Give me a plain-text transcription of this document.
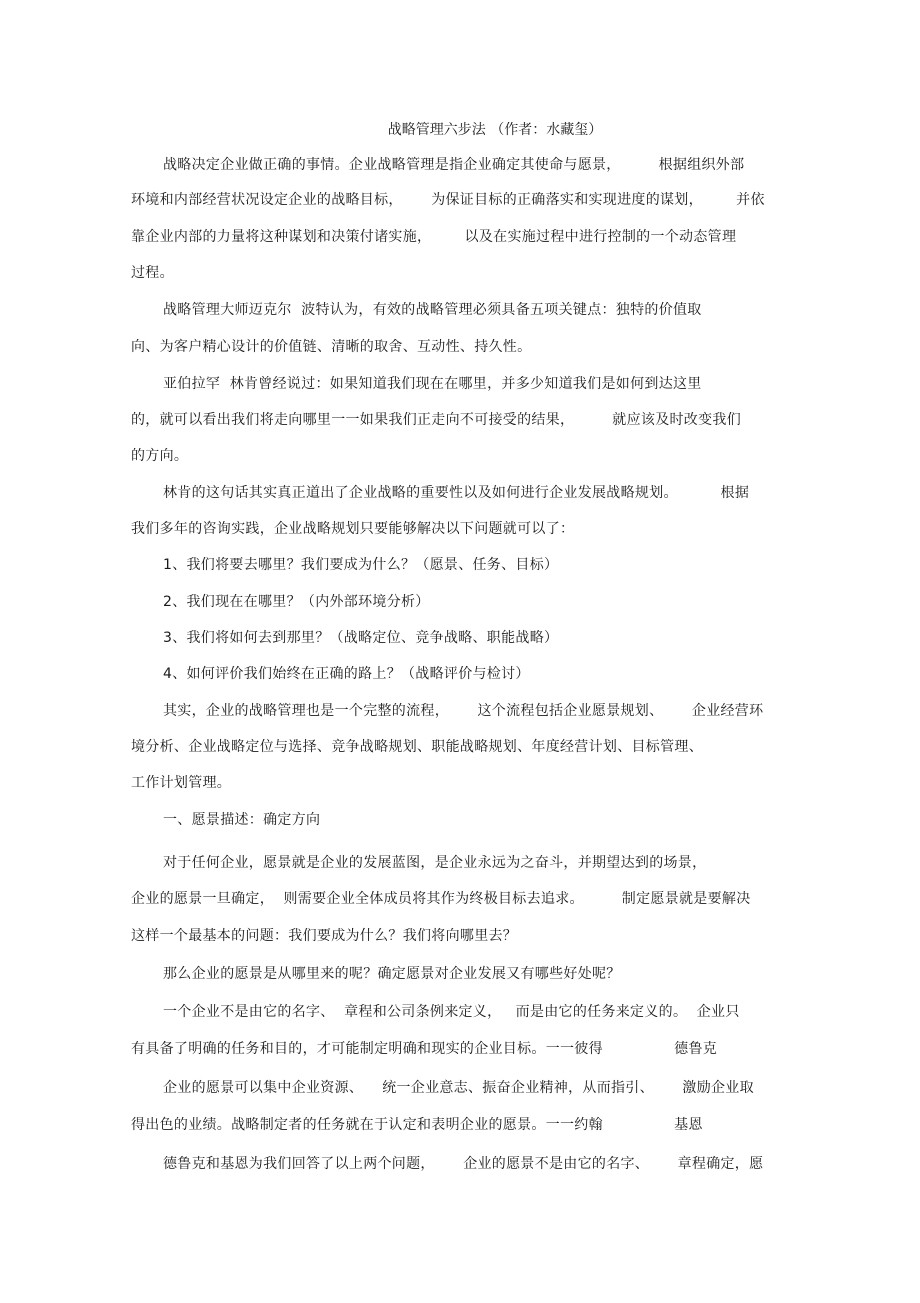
战略管理六步法 （作者：水藏玺）
战略决定企业做正确的事情。企业战略管理是指企业确定其使命与愿景，        根据组织外部
环境和内部经营状况设定企业的战略目标，      为保证目标的正确落实和实现进度的谋划，       并依
靠企业内部的力量将这种谋划和决策付诸实施，       以及在实施过程中进行控制的一个动态管理
过程。
战略管理大师迈克尔  波特认为，有效的战略管理必须具备五项关键点：独特的价值取
向、为客户精心设计的价值链、清晰的取舍、互动性、持久性。
亚伯拉罕  林肯曾经说过：如果知道我们现在在哪里，并多少知道我们是如何到达这里
的，就可以看出我们将走向哪里一一如果我们正走向不可接受的结果，        就应该及时改变我们
的方向。
林肯的这句话其实真正道出了企业战略的重要性以及如何进行企业发展战略规划。         根据
我们多年的咨询实践，企业战略规划只要能够解决以下问题就可以了：
1、我们将要去哪里？我们要成为什么？（愿景、任务、目标）
2、我们现在在哪里？（内外部环境分析）
3、我们将如何去到那里？（战略定位、竞争战略、职能战略）
4、如何评价我们始终在正确的路上？（战略评价与检讨）
其实，企业的战略管理也是一个完整的流程，      这个流程包括企业愿景规划、      企业经营环
境分析、企业战略定位与选择、竞争战略规划、职能战略规划、年度经营计划、目标管理、
工作计划管理。
一、愿景描述：确定方向
对于任何企业，愿景就是企业的发展蓝图，是企业永远为之奋斗，并期望达到的场景，
企业的愿景一旦确定，  则需要企业全体成员将其作为终极目标去追求。        制定愿景就是要解决
这样一个最基本的问题：我们要成为什么？我们将向哪里去？
那么企业的愿景是从哪里来的呢？确定愿景对企业发展又有哪些好处呢？
一个企业不是由它的名字、  章程和公司条例来定义，   而是由它的任务来定义的。  企业只
有具备了明确的任务和目的，才可能制定明确和现实的企业目标。一一彼得               德鲁克
企业的愿景可以集中企业资源、    统一企业意志、振奋企业精神，从而指引、      激励企业取
得出色的业绩。战略制定者的任务就在于认定和表明企业的愿景。一一约翰               基恩
德鲁克和基恩为我们回答了以上两个问题，      企业的愿景不是由它的名字、      章程确定，愿
